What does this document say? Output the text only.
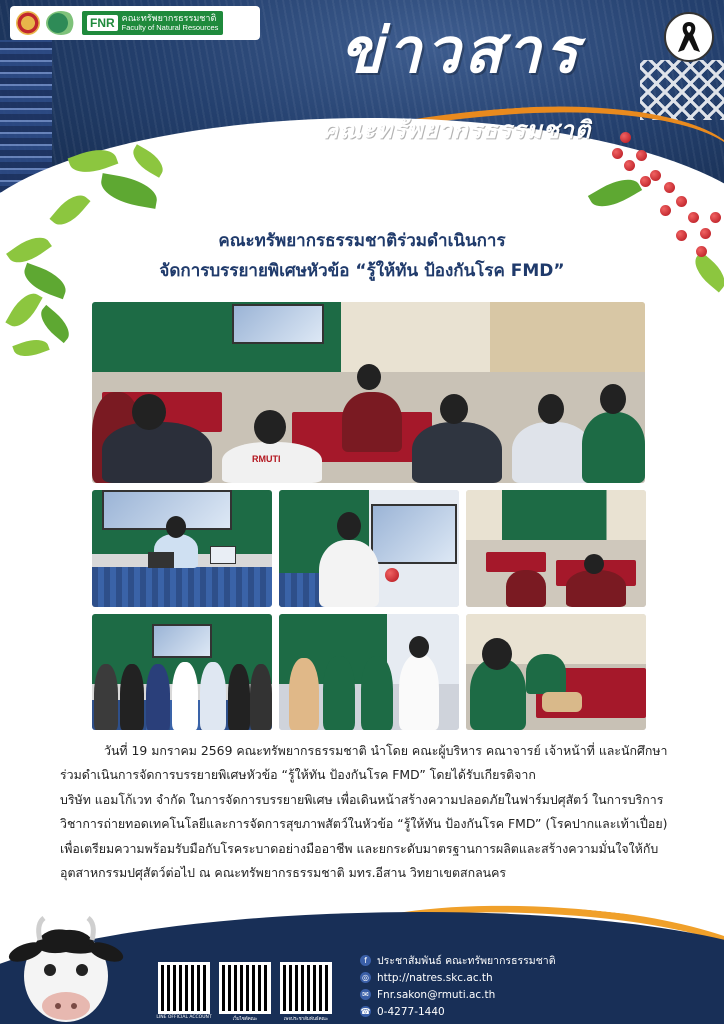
FNR คณะทรัพยากรธรรมชาติ
Faculty of Natural Resources ข่าวสาร
คณะทรัพยากรธรรมชาติ
NEWS FACULTY OF NATURAL RESOURCES
คณะทรัพยากรธรรมชาติร่วมดำเนินการ
จัดการบรรยายพิเศษหัวข้อ “รู้ให้ทัน ป้องกันโรค FMD”
RMUTI
วันที่ 19 มกราคม 2569 คณะทรัพยากรธรรมชาติ นำโดย คณะผู้บริหาร คณาจารย์ เจ้าหน้าที่ และนักศึกษา
ร่วมดำเนินการจัดการบรรยายพิเศษหัวข้อ “รู้ให้ทัน ป้องกันโรค FMD” โดยได้รับเกียรติจาก
บริษัท แอมโก้เวท จำกัด ในการจัดการบรรยายพิเศษ เพื่อเดินหน้าสร้างความปลอดภัยในฟาร์มปศุสัตว์ ในการบริการ
วิชาการถ่ายทอดเทคโนโลยีและการจัดการสุขภาพสัตว์ในหัวข้อ “รู้ให้ทัน ป้องกันโรค FMD” (โรคปากและเท้าเปื่อย)
เพื่อเตรียมความพร้อมรับมือกับโรคระบาดอย่างมืออาชีพ และยกระดับมาตรฐานการผลิตและสร้างความมั่นใจให้กับ
อุตสาหกรรมปศุสัตว์ต่อไป ณ คณะทรัพยากรธรรมชาติ มทร.อีสาน วิทยาเขตสกลนคร
LINE OFFICIAL ACCOUNT	เว็บไซต์คณะ	เพจประชาสัมพันธ์คณะ
f ประชาสัมพันธ์ คณะทรัพยากรธรรมชาติ
◎ http://natres.skc.ac.th
✉ Fnr.sakon@rmuti.ac.th
☎ 0-4277-1440
